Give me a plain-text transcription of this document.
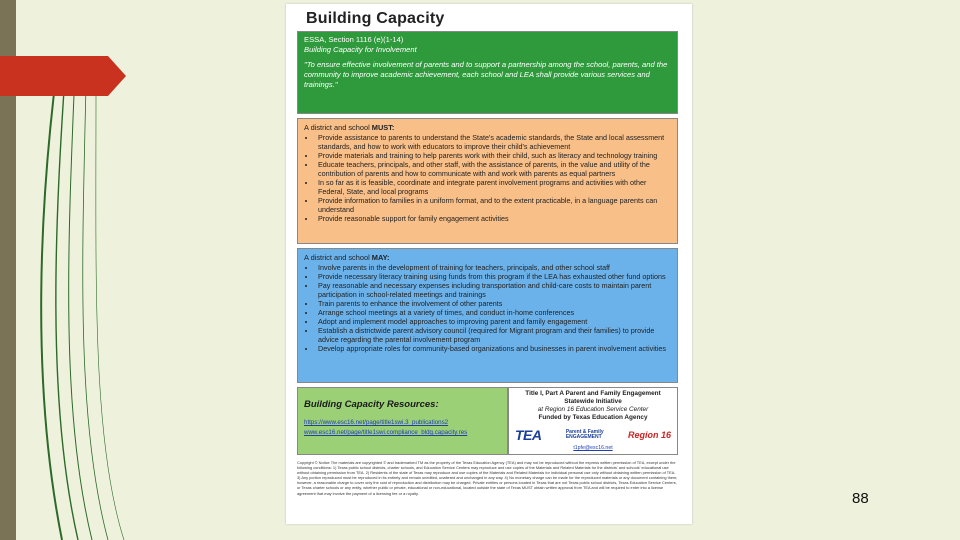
Building Capacity
ESSA, Section 1116 (e)(1-14)
Building Capacity for Involvement
"To ensure effective involvement of parents and to support a partnership among the school, parents, and the community to improve academic achievement, each school and LEA shall provide various services and trainings."
A district and school MUST:
• Provide assistance to parents to understand the State's academic standards, the State and local assessment standards, and how to work with educators to improve their child's achievement
• Provide materials and training to help parents work with their child, such as literacy and technology training
• Educate teachers, principals, and other staff, with the assistance of parents, in the value and utility of the contribution of parents and how to communicate with and work with parents as equal partners
• In so far as it is feasible, coordinate and integrate parent involvement programs and activities with other Federal, State, and local programs
• Provide information to families in a uniform format, and to the extent practicable, in a language parents can understand
• Provide reasonable support for family engagement activities
A district and school MAY:
• Involve parents in the development of training for teachers, principals, and other school staff
• Provide necessary literacy training using funds from this program if the LEA has exhausted other fund options
• Pay reasonable and necessary expenses including transportation and child-care costs to maintain parent participation in school-related meetings and trainings
• Train parents to enhance the involvement of other parents
• Arrange school meetings at a variety of times, and conduct in-home conferences
• Adopt and implement model approaches to improving parent and family engagement
• Establish a districtwide parent advisory council (required for Migrant program and their families) to provide advice regarding the parental involvement program
• Develop appropriate roles for community-based organizations and businesses in parent involvement activities
Building Capacity Resources:
https://www.esc16.net/page/title1swi.3_publications2
www.esc16.net/page/title1swi.compliance_bldg.capacity.res
Title I, Part A Parent and Family Engagement
Statewide Initiative
at Region 16 Education Service Center
Funded by Texas Education Agency
TEA	Parent & Family
ENGAGEMENT	Region 16
t1pfe@esc16.net
Copyright © Notice The materials are copyrighted © and trademarked TM as the property of the Texas Education Agency (TEA) and may not be reproduced without the express written permission of TEA, except under the following conditions: 1) Texas public school districts, charter schools, and Education Service Centers may reproduce and use copies of the Materials and Related Materials for the districts' and schools' educational use without obtaining permission from TEA. 2) Residents of the state of Texas may reproduce and use copies of the Materials and Related Materials for individual personal use only without obtaining written permission of TEA. 3) Any portion reproduced must be reproduced in its entirety and remain unedited, unaltered and unchanged in any way. 4) No monetary charge can be made for the reproduced materials or any document containing them; however, a reasonable charge to cover only the cost of reproduction and distribution may be charged. Private entities or persons located in Texas that are not Texas public school districts, Texas Education Service Centers, or Texas charter schools or any entity, whether public or private, educational or non-educational, located outside the state of Texas MUST obtain written approval from TEA and will be required to enter into a license agreement that may involve the payment of a licensing fee or a royalty.	88
